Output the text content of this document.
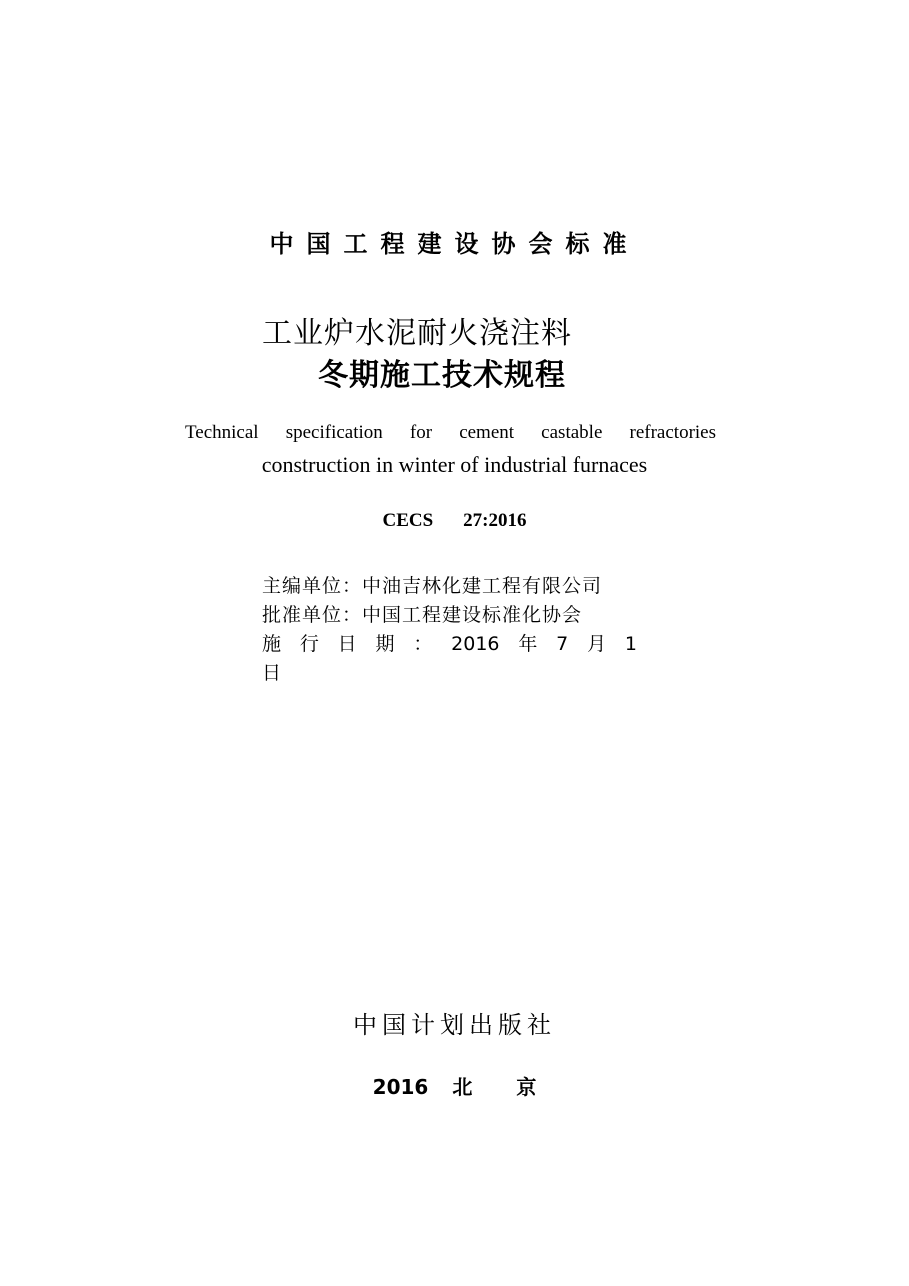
中国工程建设协会标准
工业炉水泥耐火浇注料
冬期施工技术规程
Technical specification for cement castable refractories
construction in winter of industrial furnaces
CECS 27:2016
主编单位：中油吉林化建工程有限公司
批准单位：中国工程建设标准化协会
施行日期：2016年7月1
日
中国计划出版社
2016 北 京
